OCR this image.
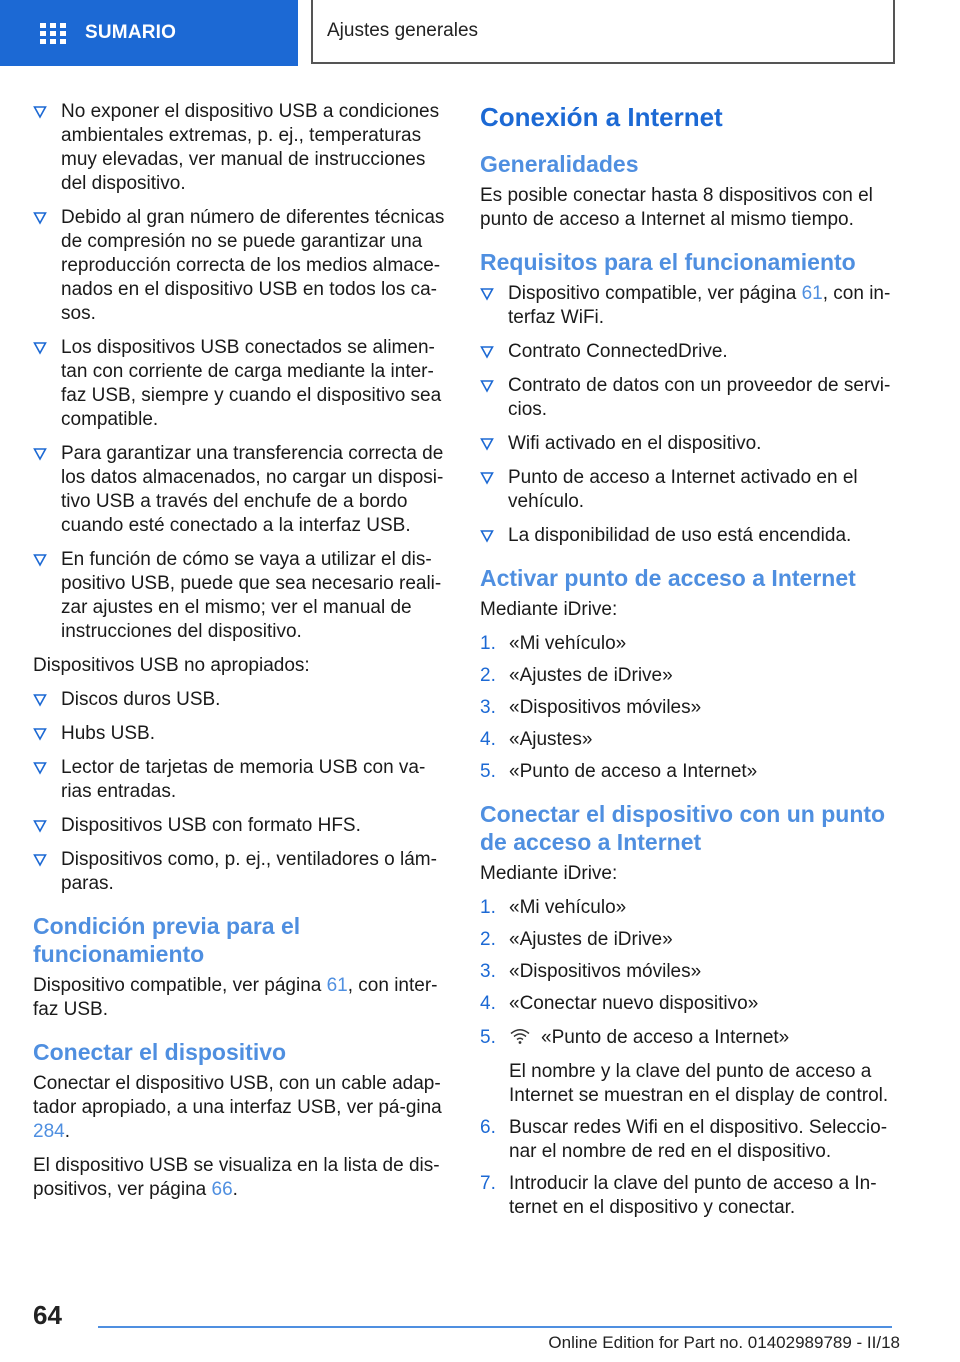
SUMARIO	Ajustes generales
No exponer el dispositivo USB a condiciones ambientales extremas, p. ej., temperaturas muy elevadas, ver manual de instrucciones del dispositivo.
Debido al gran número de diferentes técnicas de compresión no se puede garantizar una reproducción correcta de los medios almace-nados en el dispositivo USB en todos los ca-sos.
Los dispositivos USB conectados se alimen-tan con corriente de carga mediante la inter-faz USB, siempre y cuando el dispositivo sea compatible.
Para garantizar una transferencia correcta de los datos almacenados, no cargar un disposi-tivo USB a través del enchufe de a bordo cuando esté conectado a la interfaz USB.
En función de cómo se vaya a utilizar el dis-positivo USB, puede que sea necesario reali-zar ajustes en el mismo; ver el manual de instrucciones del dispositivo.

Dispositivos USB no apropiados:

Discos duros USB.
Hubs USB.
Lector de tarjetas de memoria USB con va-rias entradas.
Dispositivos USB con formato HFS.
Dispositivos como, p. ej., ventiladores o lám-paras.
Condición previa para el funcionamiento

Dispositivo compatible, ver página 61, con inter-faz USB.

Conectar el dispositivo

Conectar el dispositivo USB, con un cable adap-tador apropiado, a una interfaz USB, ver pá-gina 284.

El dispositivo USB se visualiza en la lista de dis-positivos, ver página 66.

Conexión a Internet
Generalidades

Es posible conectar hasta 8 dispositivos con el punto de acceso a Internet al mismo tiempo.

Requisitos para el funcionamiento
Dispositivo compatible, ver página 61, con in-terfaz WiFi.
Contrato ConnectedDrive.
Contrato de datos con un proveedor de servi-cios.
Wifi activado en el dispositivo.
Punto de acceso a Internet activado en el vehículo.
La disponibilidad de uso está encendida.
Activar punto de acceso a Internet

Mediante iDrive:

1. «Mi vehículo»
2. «Ajustes de iDrive»
3. «Dispositivos móviles»
4. «Ajustes»
5. «Punto de acceso a Internet»
Conectar el dispositivo con un punto de acceso a Internet

Mediante iDrive:

1. «Mi vehículo»
2. «Ajustes de iDrive»
3. «Dispositivos móviles»
4. «Conectar nuevo dispositivo»
5. «Punto de acceso a Internet»
El nombre y la clave del punto de acceso a Internet se muestran en el display de control.
6. Buscar redes Wifi en el dispositivo. Seleccio-nar el nombre de red en el dispositivo.
7. Introducir la clave del punto de acceso a In-ternet en el dispositivo y conectar.
64
Online Edition for Part no. 01402989789 - II/18
